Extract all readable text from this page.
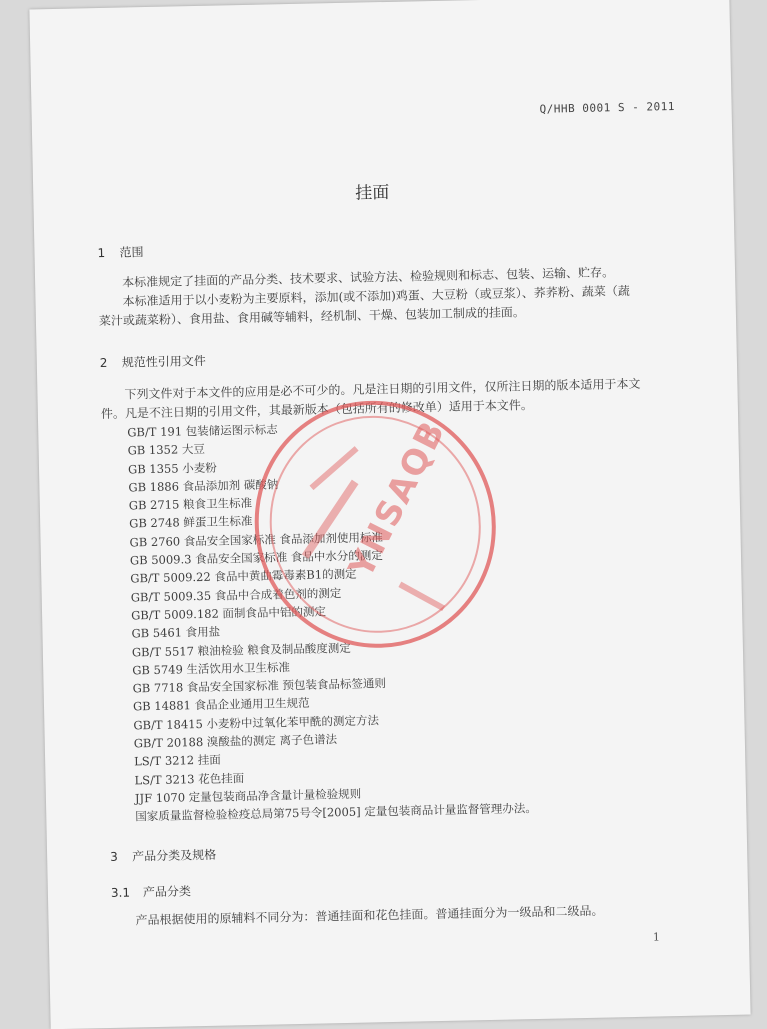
Q/HHB 0001 S - 2011
挂面
1 范围

本标准规定了挂面的产品分类、技术要求、试验方法、检验规则和标志、包装、运输、贮存。

本标准适用于以小麦粉为主要原料，添加(或不添加)鸡蛋、大豆粉（或豆浆）、荞荞粉、蔬菜（蔬

菜汁或蔬菜粉）、食用盐、食用碱等辅料，经机制、干燥、包装加工制成的挂面。

2 规范性引用文件

下列文件对于本文件的应用是必不可少的。凡是注日期的引用文件，仅所注日期的版本适用于本文

件。凡是不注日期的引用文件，其最新版本（包括所有的修改单）适用于本文件。

GB/T 191 包装储运图示标志
GB 1352 大豆
GB 1355 小麦粉
GB 1886 食品添加剂 碳酸钠
GB 2715 粮食卫生标准
GB 2748 鲜蛋卫生标准
GB 2760 食品安全国家标准 食品添加剂使用标准
GB 5009.3 食品安全国家标准 食品中水分的测定
GB/T 5009.22 食品中黄曲霉毒素B1的测定
GB/T 5009.35 食品中合成着色剂的测定
GB/T 5009.182 面制食品中铝的测定
GB 5461 食用盐
GB/T 5517 粮油检验 粮食及制品酸度测定
GB 5749 生活饮用水卫生标准
GB 7718 食品安全国家标准 预包装食品标签通则
GB 14881 食品企业通用卫生规范
GB/T 18415 小麦粉中过氧化苯甲酰的测定方法
GB/T 20188 溴酸盐的测定 离子色谱法
LS/T 3212 挂面
LS/T 3213 花色挂面
JJF 1070 定量包装商品净含量计量检验规则
国家质量监督检验检疫总局第75号令[2005] 定量包装商品计量监督管理办法。
3 产品分类及规格
3.1 产品分类

产品根据使用的原辅料不同分为：普通挂面和花色挂面。普通挂面分为一级品和二级品。

1
YNSAQB
